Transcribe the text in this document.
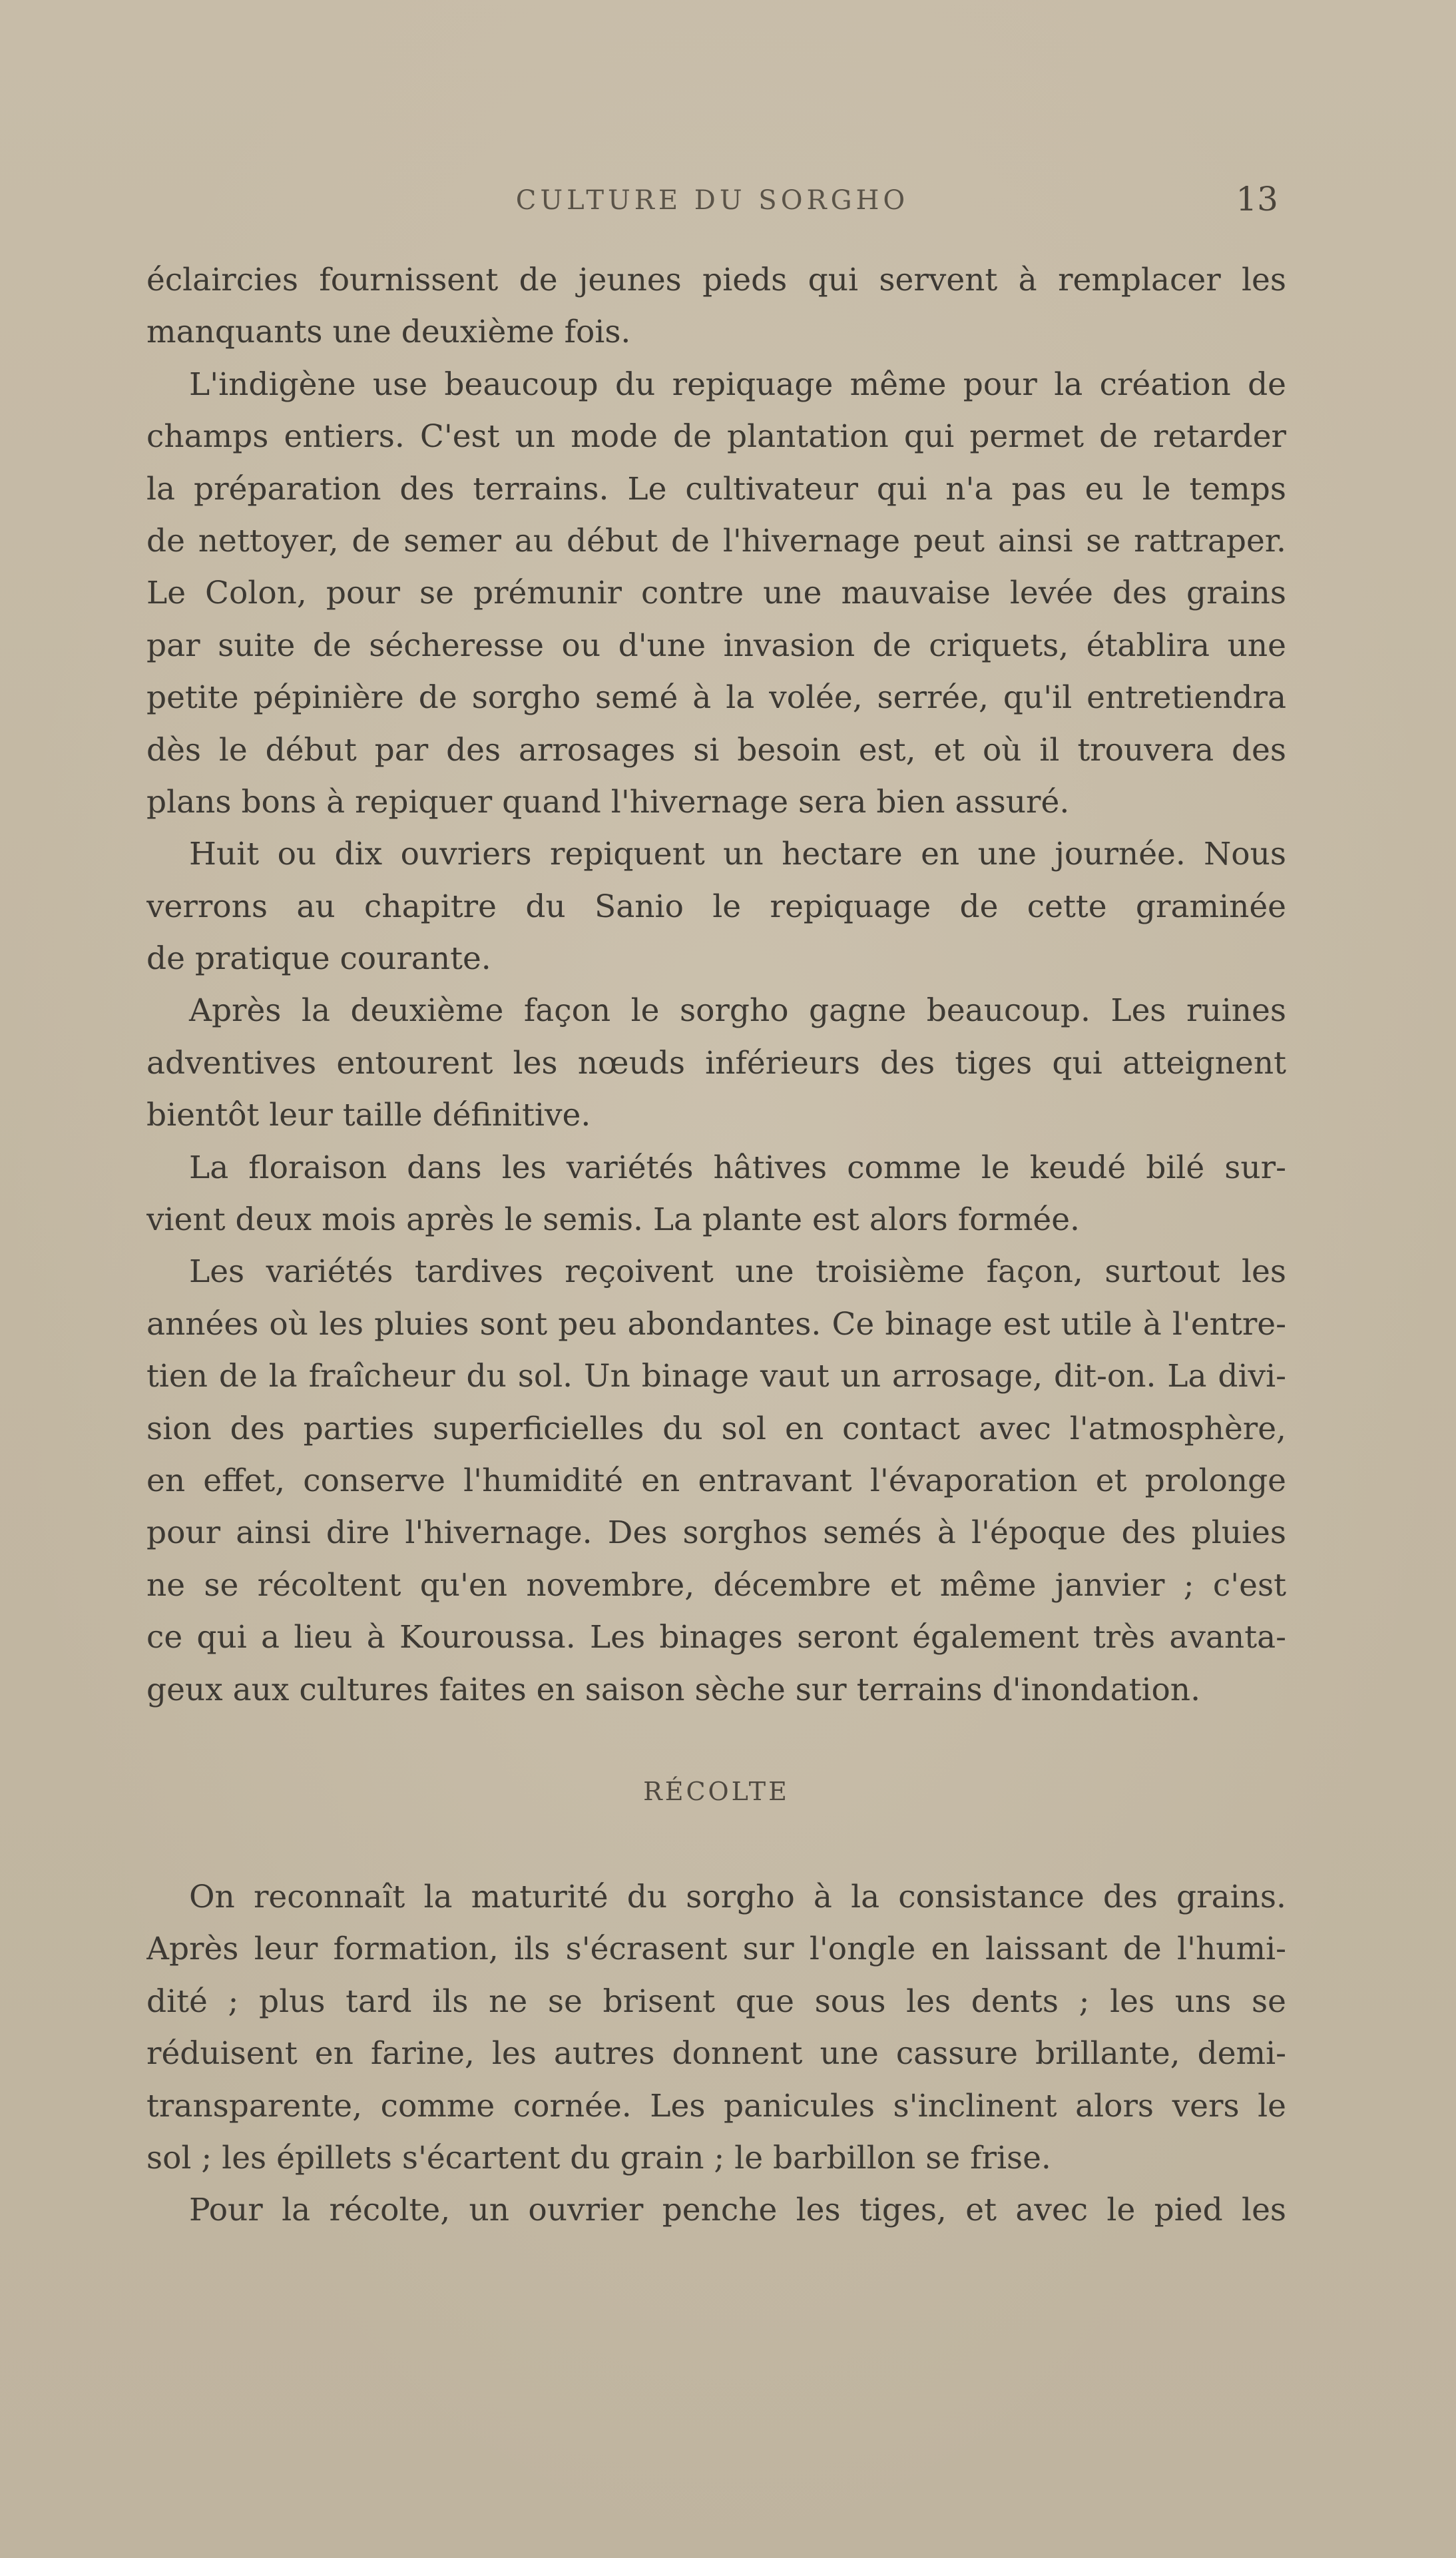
CULTURE DU SORGHO	13
éclaircies fournissent de jeunes pieds qui servent à remplacer les
manquants une deuxième fois.
L'indigène use beaucoup du repiquage même pour la création de
champs entiers. C'est un mode de plantation qui permet de retarder
la préparation des terrains. Le cultivateur qui n'a pas eu le temps
de nettoyer, de semer au début de l'hivernage peut ainsi se rattraper.
Le Colon, pour se prémunir contre une mauvaise levée des grains
par suite de sécheresse ou d'une invasion de criquets, établira une
petite pépinière de sorgho semé à la volée, serrée, qu'il entretiendra
dès le début par des arrosages si besoin est, et où il trouvera des
plans bons à repiquer quand l'hivernage sera bien assuré.
Huit ou dix ouvriers repiquent un hectare en une journée. Nous
verrons au chapitre du Sanio le repiquage de cette graminée
de pratique courante.
Après la deuxième façon le sorgho gagne beaucoup. Les ruines
adventives entourent les nœuds inférieurs des tiges qui atteignent
bientôt leur taille définitive.
La floraison dans les variétés hâtives comme le keudé bilé sur-
vient deux mois après le semis. La plante est alors formée.
Les variétés tardives reçoivent une troisième façon, surtout les
années où les pluies sont peu abondantes. Ce binage est utile à l'entre-
tien de la fraîcheur du sol. Un binage vaut un arrosage, dit-on. La divi-
sion des parties superficielles du sol en contact avec l'atmosphère,
en effet, conserve l'humidité en entravant l'évaporation et prolonge
pour ainsi dire l'hivernage. Des sorghos semés à l'époque des pluies
ne se récoltent qu'en novembre, décembre et même janvier ; c'est
ce qui a lieu à Kouroussa. Les binages seront également très avanta-
geux aux cultures faites en saison sèche sur terrains d'inondation.
RÉCOLTE
On reconnaît la maturité du sorgho à la consistance des grains.
Après leur formation, ils s'écrasent sur l'ongle en laissant de l'humi-
dité ; plus tard ils ne se brisent que sous les dents ; les uns se
réduisent en farine, les autres donnent une cassure brillante, demi-
transparente, comme cornée. Les panicules s'inclinent alors vers le
sol ; les épillets s'écartent du grain ; le barbillon se frise.
Pour la récolte, un ouvrier penche les tiges, et avec le pied les
